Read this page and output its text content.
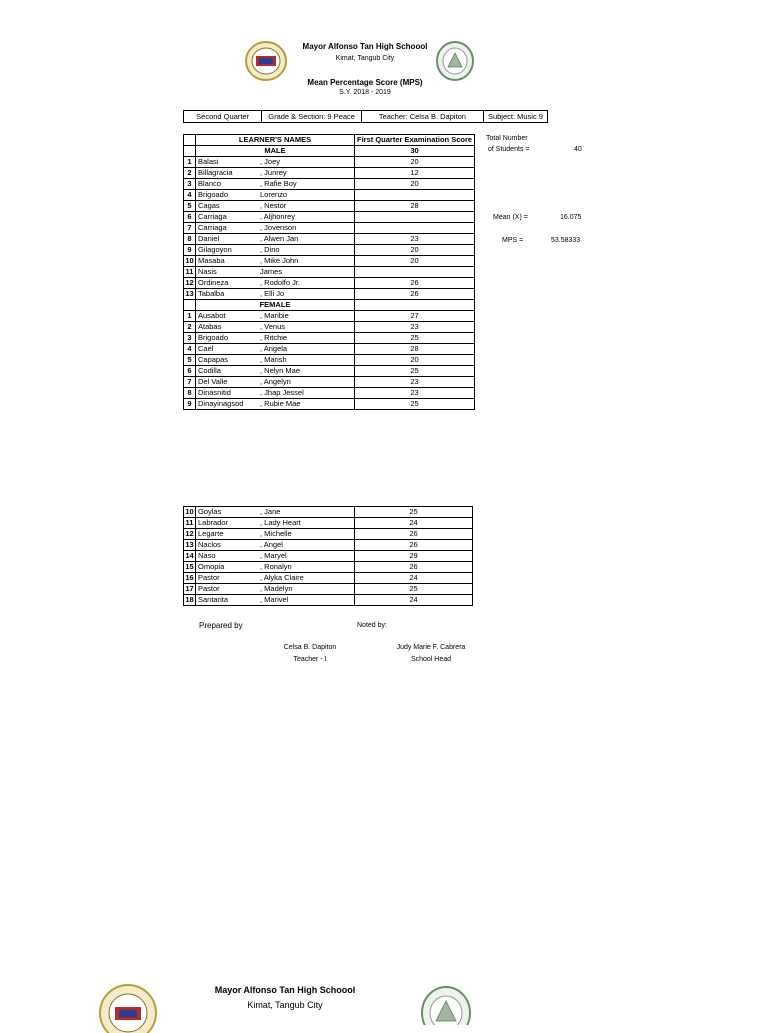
Mayor Alfonso Tan High Schoool
Kimat, Tangub City
Mean Percentage Score (MPS)
S.Y. 2018 - 2019
Second Quarter	Grade & Section: 9 Peace	Teacher: Celsa B. Dapiton	Subject: Music 9
	LEARNER'S NAMES		First Quarter Examination Score
	MALE		30
1	Balasi	, Joey	20
2	Billagracia	, Junrey	12
3	Blanco	, Rafie Boy	20
4	Brigoado	Lorenzo	
5	Cagas	, Nestor	28
6	Carriaga	, Aljhonrey	
7	Carriaga	, Jovenson	
8	Daniel	, Alwen Jan	23
9	Gilagoyon	, Dino	20
10	Masaba	, Mike John	20
11	Nasis	James	
12	Ordineza	, Rodolfo Jr.	26
13	Tabalba	, Elli Jo	26
	FEMALE		
1	Ausabot	, Maribie	27
2	Atabas	, Venus	23
3	Brigoado	, Ritchie	25
4	Cael	, Angela	28
5	Capapas	, Marish	20
6	Codilla	, Nelyn Mae	25
7	Del Valle	, Angelyn	23
8	Dinasnitid	, Jhap Jessel	23
9	Dinayinagsod	, Rubie Mae	25
Total Number
of Students =	40
Mean (X) =	16.075
MPS =	53.58333
10	Goylas	, Jane	25
11	Labrador	, Lady Heart	24
12	Legarte	, Michelle	26
13	Naclos	, Angel	26
14	Naso	, Maryel	29
15	Omopia	, Ronalyn	26
16	Pastor	, Alyka Claire	24
17	Pastor	, Madelyn	25
18	Santarita	, Marivel	24
Prepared by	Noted by:
Celsa B. Dapiton
Teacher - I
Judy Marie F. Cabrera
School Head
Mayor Alfonso Tan High Schoool
Kimat, Tangub City
